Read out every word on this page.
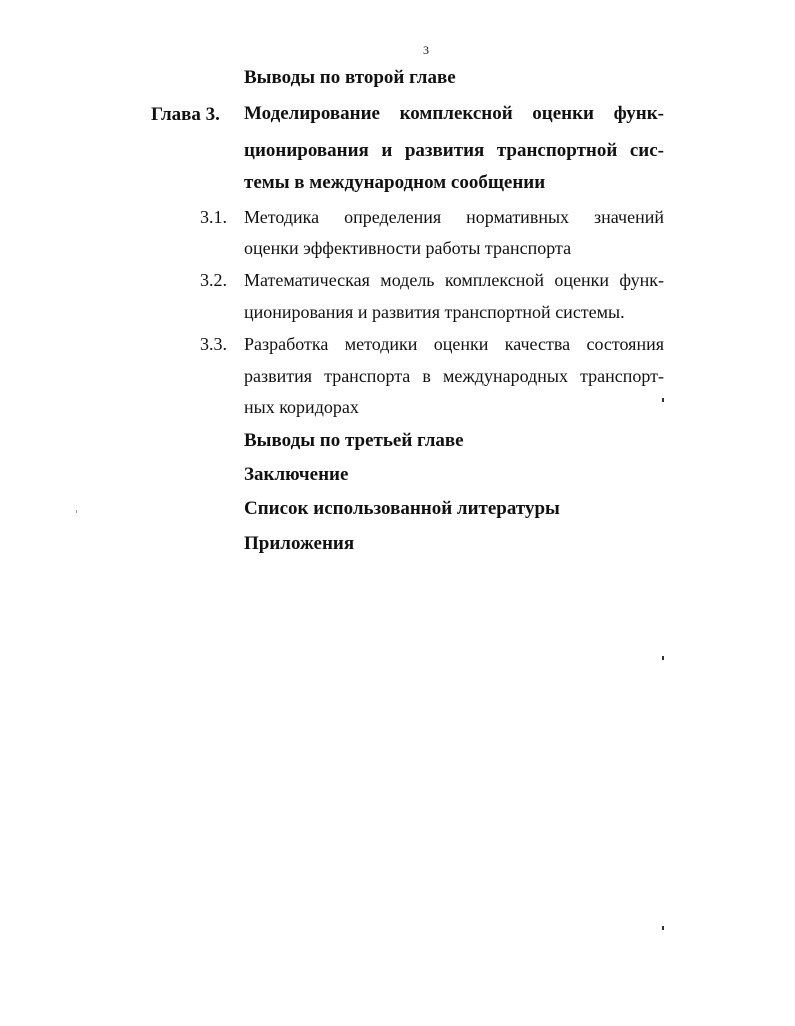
3
Выводы по второй главе
Глава 3. Моделирование комплексной оценки функ-
ционирования и развития транспортной сис-
темы в международном сообщении
3.1. Методика определения нормативных значений
оценки эффективности работы транспорта
3.2. Математическая модель комплексной оценки функ-
ционирования и развития транспортной системы.
3.3. Разработка методики оценки качества состояния
развития транспорта в международных транспорт-
ных коридорах
Выводы по третьей главе
Заключение
Список использованной литературы
Приложения
